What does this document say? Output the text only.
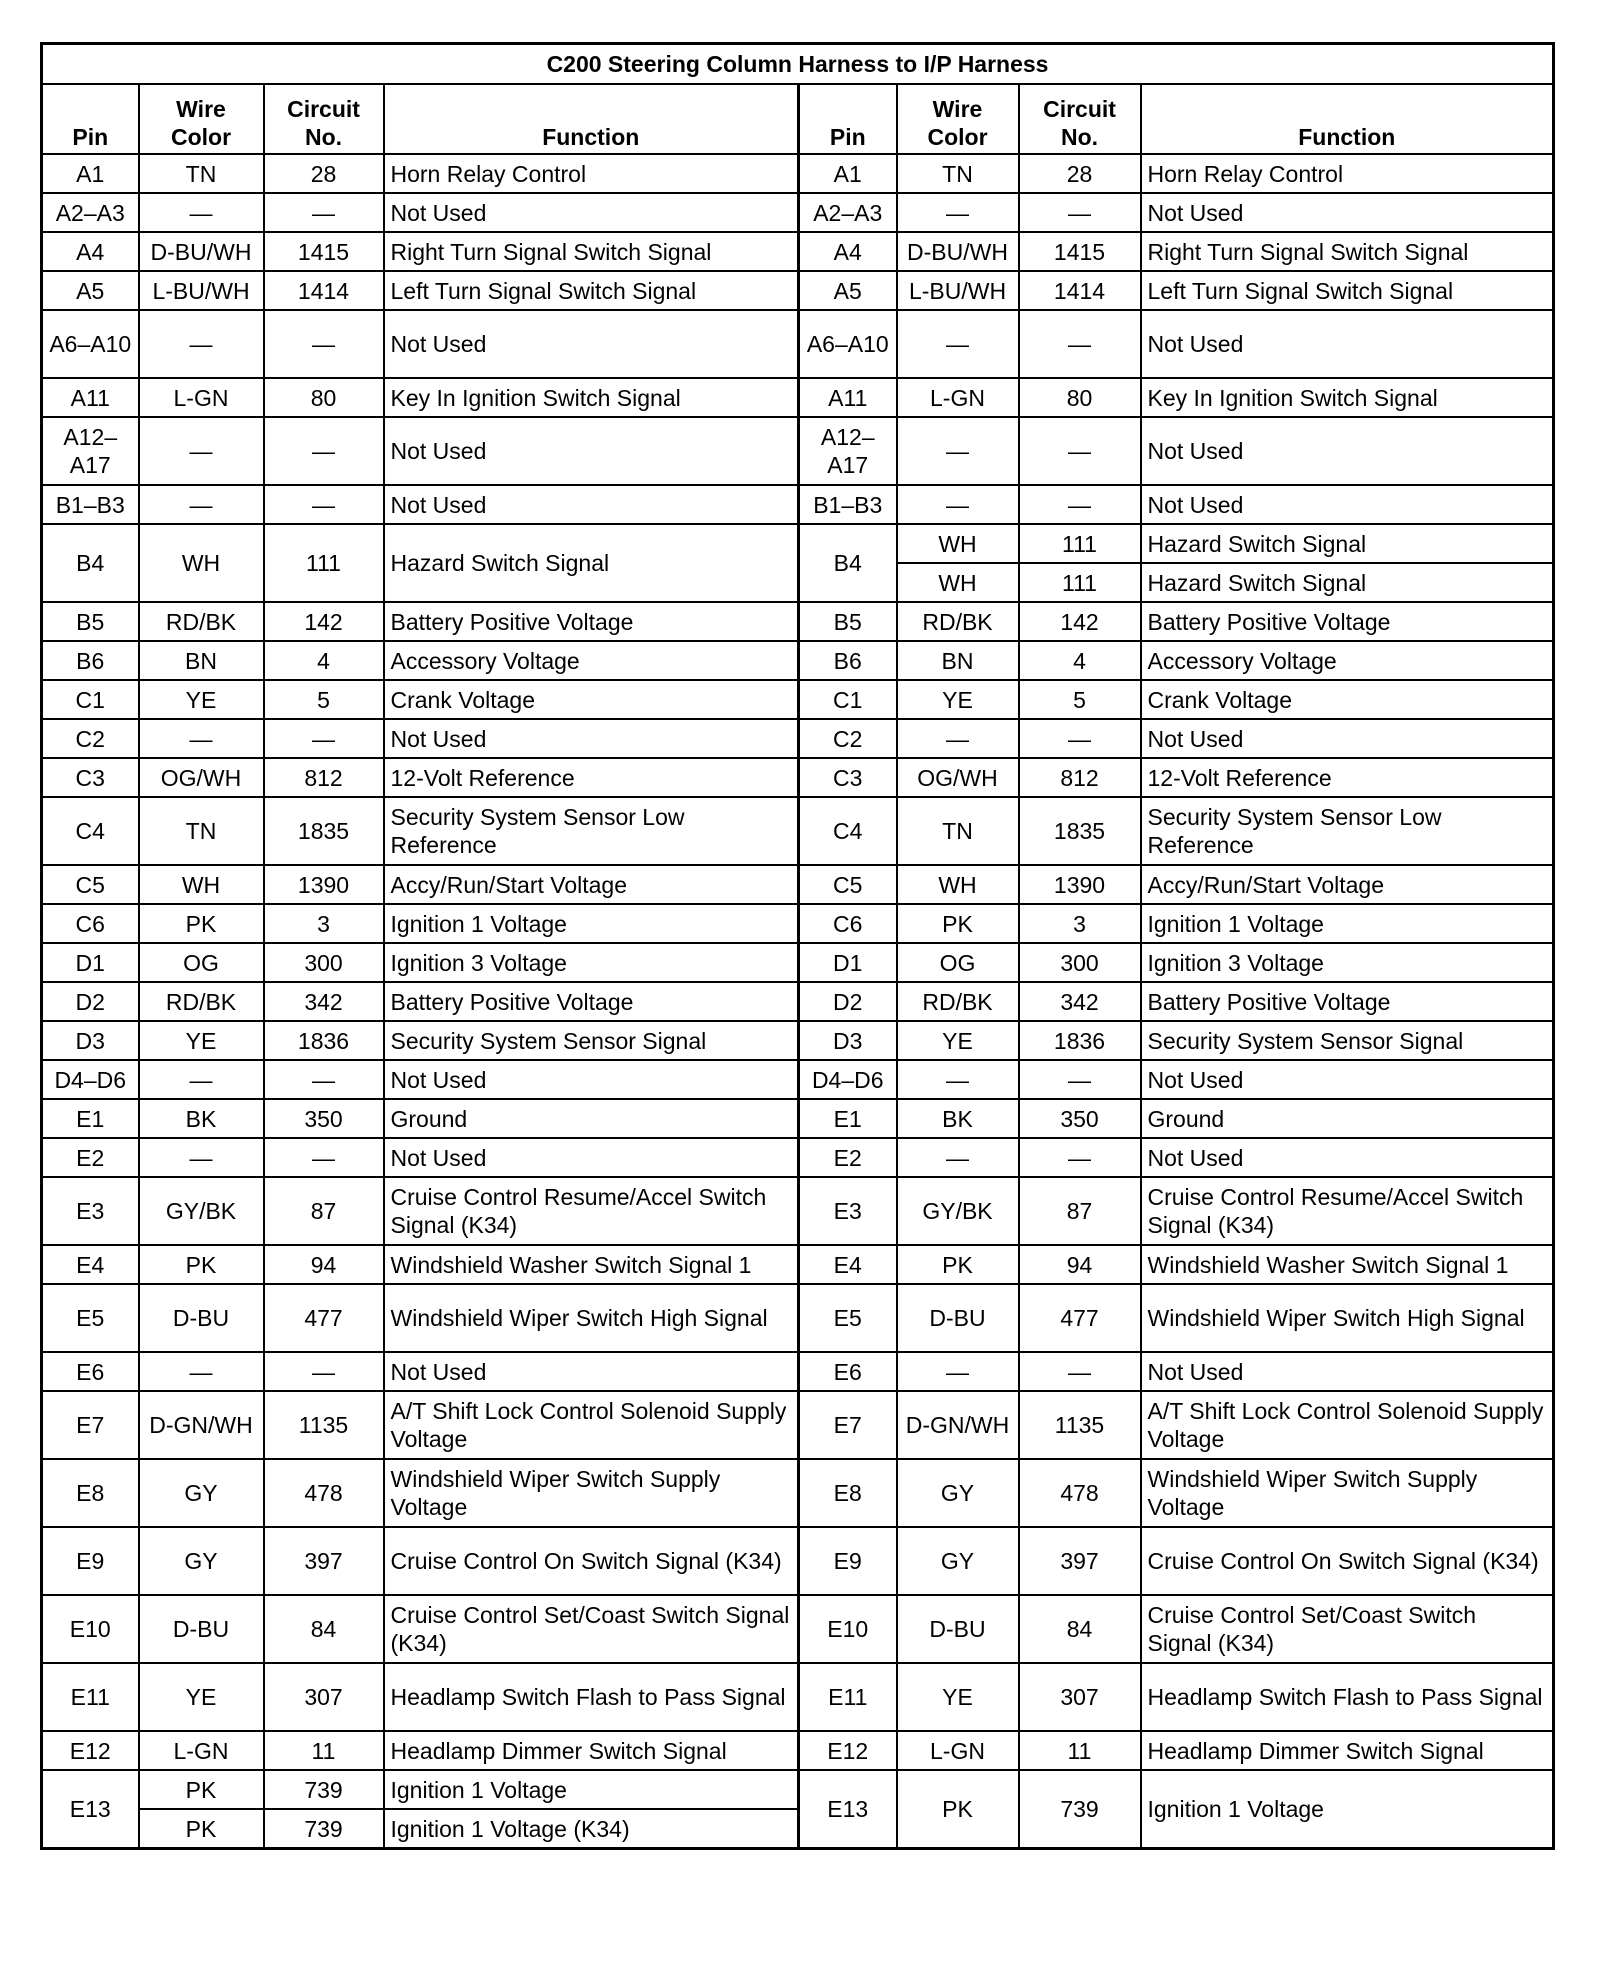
C200 Steering Column Harness to I/P Harness							
Pin	Wire Color	Circuit No.	Function	Pin	Wire Color	Circuit No.	Function
A1	TN	28	Horn Relay Control	A1	TN	28	Horn Relay Control
A2–A3	—	—	Not Used	A2–A3	—	—	Not Used
A4	D-BU/WH	1415	Right Turn Signal Switch Signal	A4	D-BU/WH	1415	Right Turn Signal Switch Signal
A5	L-BU/WH	1414	Left Turn Signal Switch Signal	A5	L-BU/WH	1414	Left Turn Signal Switch Signal
A6–A10	—	—	Not Used	A6–A10	—	—	Not Used
A11	L-GN	80	Key In Ignition Switch Signal	A11	L-GN	80	Key In Ignition Switch Signal
A12–A17	—	—	Not Used	A12–A17	—	—	Not Used
B1–B3	—	—	Not Used	B1–B3	—	—	Not Used
B4	WH	111	Hazard Switch Signal	B4	WH	111	Hazard Switch Signal
					WH	111	Hazard Switch Signal
B5	RD/BK	142	Battery Positive Voltage	B5	RD/BK	142	Battery Positive Voltage
B6	BN	4	Accessory Voltage	B6	BN	4	Accessory Voltage
C1	YE	5	Crank Voltage	C1	YE	5	Crank Voltage
C2	—	—	Not Used	C2	—	—	Not Used
C3	OG/WH	812	12-Volt Reference	C3	OG/WH	812	12-Volt Reference
C4	TN	1835	Security System Sensor Low Reference	C4	TN	1835	Security System Sensor Low Reference
C5	WH	1390	Accy/Run/Start Voltage	C5	WH	1390	Accy/Run/Start Voltage
C6	PK	3	Ignition 1 Voltage	C6	PK	3	Ignition 1 Voltage
D1	OG	300	Ignition 3 Voltage	D1	OG	300	Ignition 3 Voltage
D2	RD/BK	342	Battery Positive Voltage	D2	RD/BK	342	Battery Positive Voltage
D3	YE	1836	Security System Sensor Signal	D3	YE	1836	Security System Sensor Signal
D4–D6	—	—	Not Used	D4–D6	—	—	Not Used
E1	BK	350	Ground	E1	BK	350	Ground
E2	—	—	Not Used	E2	—	—	Not Used
E3	GY/BK	87	Cruise Control Resume/Accel Switch Signal (K34)	E3	GY/BK	87	Cruise Control Resume/Accel Switch Signal (K34)
E4	PK	94	Windshield Washer Switch Signal 1	E4	PK	94	Windshield Washer Switch Signal 1
E5	D-BU	477	Windshield Wiper Switch High Signal	E5	D-BU	477	Windshield Wiper Switch High Signal
E6	—	—	Not Used	E6	—	—	Not Used
E7	D-GN/WH	1135	A/T Shift Lock Control Solenoid Supply Voltage	E7	D-GN/WH	1135	A/T Shift Lock Control Solenoid Supply Voltage
E8	GY	478	Windshield Wiper Switch Supply Voltage	E8	GY	478	Windshield Wiper Switch Supply Voltage
E9	GY	397	Cruise Control On Switch Signal (K34)	E9	GY	397	Cruise Control On Switch Signal (K34)
E10	D-BU	84	Cruise Control Set/Coast Switch Signal (K34)	E10	D-BU	84	Cruise Control Set/Coast Switch Signal (K34)
E11	YE	307	Headlamp Switch Flash to Pass Signal	E11	YE	307	Headlamp Switch Flash to Pass Signal
E12	L-GN	11	Headlamp Dimmer Switch Signal	E12	L-GN	11	Headlamp Dimmer Switch Signal
E13	PK	739	Ignition 1 Voltage	E13	PK	739	Ignition 1 Voltage
	PK	739	Ignition 1 Voltage (K34)				
